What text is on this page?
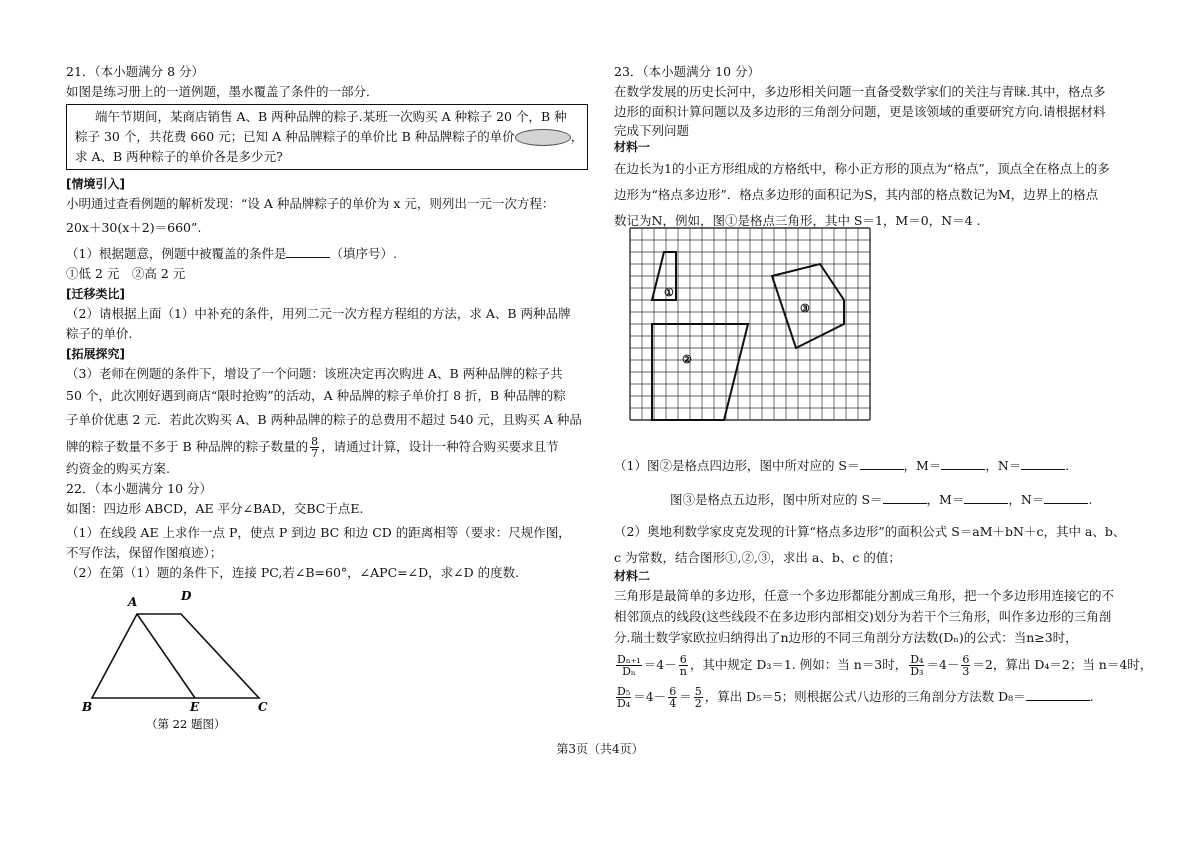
21．（本小题满分 8 分）
如图是练习册上的一道例题，墨水覆盖了条件的一部分．
端午节期间，某商店销售 A、B 两种品牌的粽子.某班一次购买 A 种粽子 20 个，B 种
粽子 30 个，共花费 660 元；已知 A 种品牌粽子的单价比 B 种品牌粽子的单价	，
求 A、B 两种粽子的单价各是多少元?
[情境引入]
小明通过查看例题的解析发现：“设 A 种品牌粽子的单价为 x 元，则列出一元一次方程：
20x＋30(x＋2)＝660”.
（1）根据题意，例题中被覆盖的条件是	（填序号）.
①低 2 元　②高 2 元
[迁移类比]
（2）请根据上面（1）中补充的条件，用列二元一次方程方程组的方法，求 A、B 两种品牌
粽子的单价.
[拓展探究]
（3）老师在例题的条件下，增设了一个问题：该班决定再次购进 A、B 两种品牌的粽子共
50 个，此次刚好遇到商店“限时抢购”的活动，A 种品牌的粽子单价打 8 折，B 种品牌的粽
子单价优惠 2 元．若此次购买 A、B 两种品牌的粽子的总费用不超过 540 元，且购买 A 种品
牌的粽子数量不多于 B 种品牌的粽子数量的 $\frac{8}{7}$ ，请通过计算，设计一种符合购买要求且节
约资金的购买方案.
22．（本小题满分 10 分）
如图：四边形 ABCD，AE 平分∠BAD，交BC于点E.
（1）在线段 AE 上求作一点 P，使点 P 到边 BC 和边 CD 的距离相等（要求：尺规作图，
不写作法，保留作图痕迹）；
（2）在第（1）题的条件下，连接 PC,若∠B=60°，∠APC=∠D，求∠D 的度数.
A	D
B	E	C
（第 22 题图）
23．（本小题满分 10 分）
在数学发展的历史长河中，多边形相关问题一直备受数学家们的关注与青睐.其中，格点多
边形的面积计算问题以及多边形的三角剖分问题，更是该领域的重要研究方向.请根据材料
完成下列问题
材料一
在边长为1的小正方形组成的方格纸中，称小正方形的顶点为“格点”，顶点全在格点上的多
边形为“格点多边形”．格点多边形的面积记为S，其内部的格点数记为M，边界上的格点
数记为N，例如，图①是格点三角形，其中 S＝1，M＝0，N＝4 .
（1）图②是格点四边形，图中所对应的 S＝	，M＝	，N＝	.
图③是格点五边形，图中所对应的 S＝	，M＝	，N＝	.
（2）奥地利数学家皮克发现的计算“格点多边形”的面积公式 S＝aM＋bN＋c，其中 a、b、
c 为常数，结合图形①,②,③，求出 a、b、c 的值；
材料二
三角形是最简单的多边形，任意一个多边形都能分割成三角形，把一个多边形用连接它的不
相邻顶点的线段(这些线段不在多边形内部相交)划分为若干个三角形，叫作多边形的三角剖
分.瑞士数学家欧拉归纳得出了n边形的不同三角剖分方法数(Dₙ)的公式：当n≥3时，
$\frac{\text{Dₙ₊₁}}{\text{Dₙ}} =4- \frac{6}{n}$ ，其中规定 D₃＝1. 例如：当 n＝3时， $\frac{\text{D₄}}{\text{D₃}} =4- \frac{6}{3} =2$，算出 D₄＝2；当 n＝4时，
$\frac{\text{D₅}}{\text{D₄}} =4- \frac{6}{4} = \frac{5}{2}$ ，算出 D₅＝5；则根据公式八边形的三角剖分方法数 D₈＝	.
①
②
③
第3页（共4页）
